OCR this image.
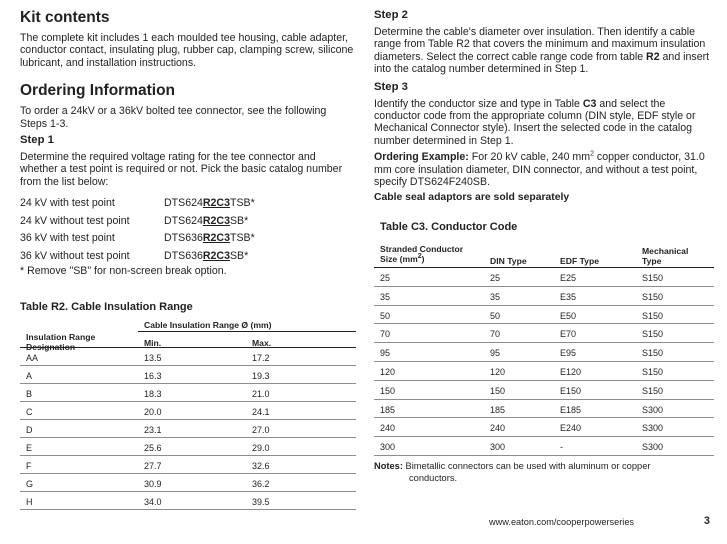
Kit contents

The complete kit includes 1 each moulded tee housing, cable adapter, conductor contact, insulating plug, rubber cap, clamping screw, silicone lubricant, and installation instructions.

Ordering Information

To order a 24kV or a 36kV bolted tee connector, see the following Steps 1-3.

Step 1

Determine the required voltage rating for the tee connector and whether a test point is required or not. Pick the basic catalog number from the list below:

24 kV with test point	DTS624R2C3TSB*
24 kV without test point	DTS624R2C3SB*
36 kV with test point	DTS636R2C3TSB*
36 kV without test point	DTS636R2C3SB*

* Remove "SB" for non-screen break option.

Table R2. Cable Insulation Range
Cable Insulation Range Ø (mm)
Insulation Range
Designation	Min.	Max.
AA	13.5	17.2
A	16.3	19.3
B	18.3	21.0
C	20.0	24.1
D	23.1	27.0
E	25.6	29.0
F	27.7	32.6
G	30.9	36.2
H	34.0	39.5
Step 2

Determine the cable's diameter over insulation. Then identify a cable range from Table R2 that covers the minimum and maximum insulation diameters. Select the correct cable range code from table R2 and insert into the catalog number determined in Step 1.

Step 3

Identify the conductor size and type in Table C3 and select the conductor code from the appropriate column (DIN style, EDF style or Mechanical Connector style). Insert the selected code in the catalog number determined in Step 1.

Ordering Example: For 20 kV cable, 240 $mm^2$ copper conductor, 31.0 mm core insulation diameter, DIN connector, and without a test point, specify DTS624F240SB.

Cable seal adaptors are sold separately

Table C3. Conductor Code
Stranded Conductor
Size $(mm^2)$	DIN Type	EDF Type
Mechanical
Type
25	25	E25	S150
35	35	E35	S150
50	50	E50	S150
70	70	E70	S150
95	95	E95	S150
120	120	E120	S150
150	150	E150	S150
185	185	E185	S300
240	240	E240	S300
300	300	-	S300
Notes: Bimetallic connectors can be used with aluminum or copper
conductors.
www.eaton.com/cooperpowerseries	3
